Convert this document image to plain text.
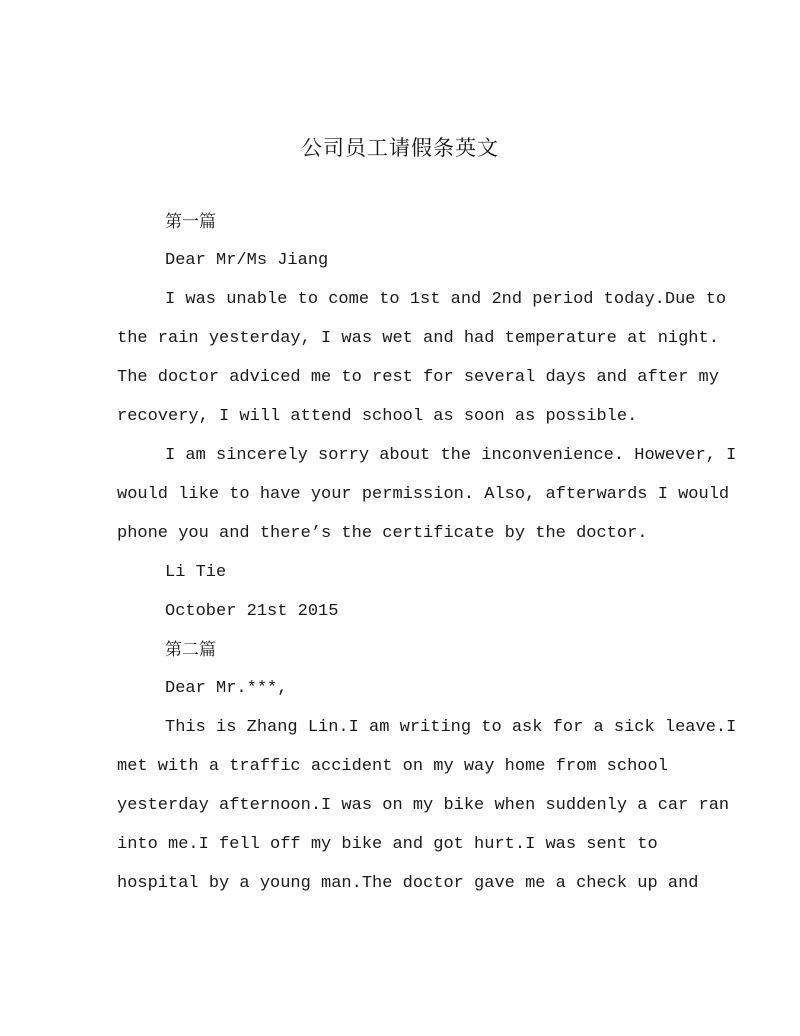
公司员工请假条英文
第一篇
Dear Mr/Ms Jiang
I was unable to come to 1st and 2nd period today.Due to
the rain yesterday, I was wet and had temperature at night.
The doctor adviced me to rest for several days and after my
recovery, I will attend school as soon as possible.
I am sincerely sorry about the inconvenience. However, I
would like to have your permission. Also, afterwards I would
phone you and there’s the certificate by the doctor.
Li Tie
October 21st 2015
第二篇
Dear Mr.***,
This is Zhang Lin.I am writing to ask for a sick leave.I
met with a traffic accident on my way home from school
yesterday afternoon.I was on my bike when suddenly a car ran
into me.I fell off my bike and got hurt.I was sent to
hospital by a young man.The doctor gave me a check up and
